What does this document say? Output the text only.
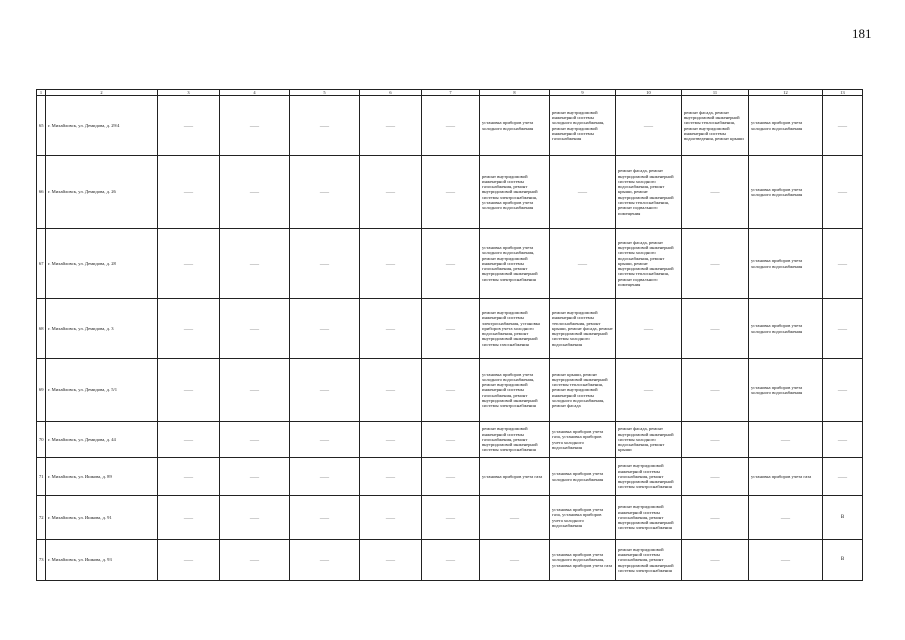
181
1	2	3	4	5	6	7	8	9	10	11	12	13
65	г. Михайловск, ул. Демидова, д. 29/4	——	——	——	——	——	установка приборов учета холодного водоснабжения	ремонт внутридомовой инженерной системы холодного водоснабжения, ремонт внутридомовой инженерной системы газоснабжения	——	ремонт фасада, ремонт внутридомовой инженерной системы теплоснабжения, ремонт внутридомовой инженерной системы водоотведения, ремонт крыши	установка приборов учета холодного водоснабжения	——
66	г. Михайловск, ул. Демидова, д. 26	——	——	——	——	——	ремонт внутридомовой инженерной системы газоснабжения, ремонт внутридомовой инженерной системы электроснабжения, установка приборов учета холодного водоснабжения	——	ремонт фасада, ремонт внутридомовой инженерной системы холодного водоснабжения, ремонт крыши, ремонт внутридомовой инженерной системы теплоснабжения, ремонт подвального помещения	——	установка приборов учета холодного водоснабжения	——
67	г. Михайловск, ул. Демидова, д. 28	——	——	——	——	——	установка приборов учета холодного водоснабжения, ремонт внутридомовой инженерной системы газоснабжения, ремонт внутридомовой инженерной системы электроснабжения	——	ремонт фасада, ремонт внутридомовой инженерной системы холодного водоснабжения, ремонт крыши, ремонт внутридомовой инженерной системы теплоснабжения, ремонт подвального помещения	——	установка приборов учета холодного водоснабжения	——
68	г. Михайловск, ул. Демидова, д. 3	——	——	——	——	——	ремонт внутридомовой инженерной системы электроснабжения, установка приборов учета холодного водоснабжения, ремонт внутридомовой инженерной системы газоснабжения	ремонт внутридомовой инженерной системы теплоснабжения, ремонт крыши, ремонт фасада, ремонт внутридомовой инженерной системы холодного водоснабжения	——	——	установка приборов учета холодного водоснабжения	——
69	г. Михайловск, ул. Демидова, д. 5/1	——	——	——	——	——	установка приборов учета холодного водоснабжения, ремонт внутридомовой инженерной системы газоснабжения, ремонт внутридомовой инженерной системы электроснабжения	ремонт крыши, ремонт внутридомовой инженерной системы теплоснабжения, ремонт внутридомовой инженерной системы холодного водоснабжения, ремонт фасада	——	——	установка приборов учета холодного водоснабжения	——
70	г. Михайловск, ул. Демидова, д. 44	——	——	——	——	——	ремонт внутридомовой инженерной системы газоснабжения, ремонт внутридомовой инженерной системы электроснабжения	установка приборов учета газа, установка приборов учета холодного водоснабжения	ремонт фасада, ремонт внутридомовой инженерной системы холодного водоснабжения, ремонт крыши	——	——	——
71	г. Михайловск, ул. Ишкова, д. 89	——	——	——	——	——	установка приборов учета газа	установка приборов учета холодного водоснабжения	ремонт внутридомовой инженерной системы газоснабжения, ремонт внутридомовой инженерной системы электроснабжения	——	установка приборов учета газа	——
72	г. Михайловск, ул. Ишкова, д. 91	——	——	——	——	——	——	установка приборов учета газа, установка приборов учета холодного водоснабжения	ремонт внутридомовой инженерной системы газоснабжения, ремонт внутридомовой инженерной системы электроснабжения	——	——	В
73	г. Михайловск, ул. Ишкова, д. 93	——	——	——	——	——	——	установка приборов учета холодного водоснабжения, установка приборов учета газа	ремонт внутридомовой инженерной системы газоснабжения, ремонт внутридомовой инженерной системы электроснабжения	——	——	В
